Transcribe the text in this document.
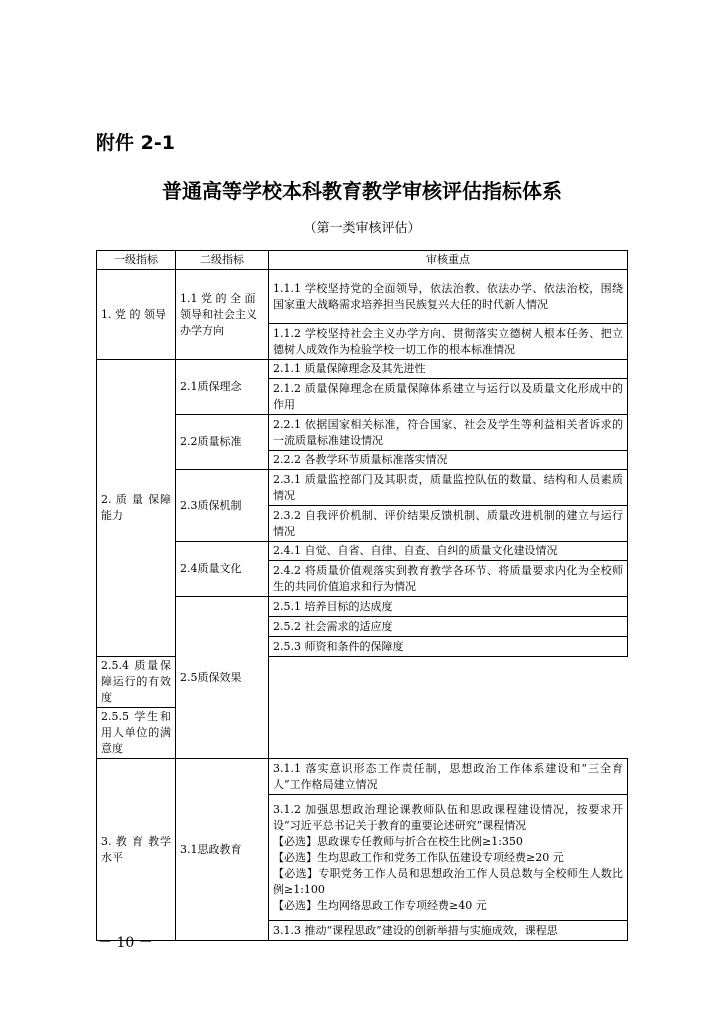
附件 2-1
普通高等学校本科教育教学审核评估指标体系
（第一类审核评估）
一级指标	二级指标	审核重点
1. 党 的 领导	1.1 党 的 全 面领导和社会主义办学方向	1.1.1 学校坚持党的全面领导，依法治教、依法办学、依法治校，围绕国家重大战略需求培养担当民族复兴大任的时代新人情况
		1.1.2 学校坚持社会主义办学方向、贯彻落实立德树人根本任务、把立德树人成效作为检验学校一切工作的根本标准情况
2. 质 量 保障能力	2.1质保理念	2.1.1 质量保障理念及其先进性
		2.1.2 质量保障理念在质量保障体系建立与运行以及质量文化形成中的作用
	2.2质量标准	2.2.1 依据国家相关标准，符合国家、社会及学生等利益相关者诉求的一流质量标准建设情况
		2.2.2 各教学环节质量标准落实情况
	2.3质保机制	2.3.1 质量监控部门及其职责，质量监控队伍的数量、结构和人员素质情况
		2.3.2 自我评价机制、评价结果反馈机制、质量改进机制的建立与运行情况
	2.4质量文化	2.4.1 自觉、自省、自律、自查、自纠的质量文化建设情况
		2.4.2 将质量价值观落实到教育教学各环节、将质量要求内化为全校师生的共同价值追求和行为情况
	2.5质保效果	2.5.1 培养目标的达成度
		2.5.2 社会需求的适应度
		2.5.3 师资和条件的保障度
2.5.4 质量保障运行的有效度		
2.5.5 学生和用人单位的满意度		
3. 教 育 教学水平	3.1思政教育	3.1.1 落实意识形态工作责任制，思想政治工作体系建设和“三全育人”工作格局建立情况

		3.1.2 加强思想政治理论课教师队伍和思政课程建设情况，按要求开设“习近平总书记关于教育的重要论述研究”课程情况
【必选】思政课专任教师与折合在校生比例≥1:350
【必选】生均思政工作和党务工作队伍建设专项经费≥20 元
【必选】专职党务工作人员和思想政治工作人员总数与全校师生人数比例≥1:100
【必选】生均网络思政工作专项经费≥40 元

		3.1.3 推动“课程思政”建设的创新举措与实施成效，课程思
－ 10 －
